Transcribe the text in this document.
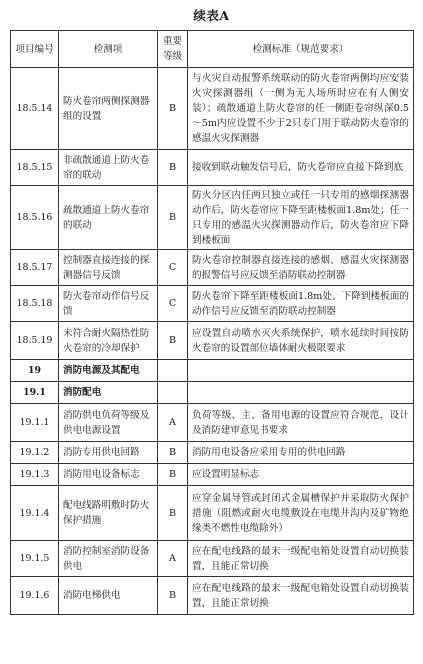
续表A
项目编号	检测项	重要等级	检测标准（规范要求）
18.5.14	防火卷帘两侧探测器组的设置	B	与火灾自动报警系统联动的防火卷帘两侧均应安装火灾探测器组（一侧为无人场所时应在有人侧安装）；疏散通道上防火卷帘的任一侧距卷帘纵深0.5～5m内应设置不少于2只专门用于联动防火卷帘的感温火灾探测器
18.5.15	非疏散通道上防火卷帘的联动	B	接收到联动触发信号后，防火卷帘应直接下降到底
18.5.16	疏散通道上防火卷帘的联动	B	防火分区内任两只独立或任一只专用的感烟探测器动作后，防火卷帘应下降至距楼板面1.8m处；任一只专用的感温火灾探测器动作后，防火卷帘应下降到楼板面
18.5.17	控制器直接连接的探测器信号反馈	C	防火卷帘控制器直接连接的感烟、感温火灾探测器的报警信号应反馈至消防联动控制器
18.5.18	防火卷帘动作信号反馈	C	防火卷帘下降至距楼板面1.8m处、下降到楼板面的动作信号应反馈至消防联动控制器
18.5.19	未符合耐火隔热性防火卷帘的冷却保护	B	应设置自动喷水灭火系统保护，喷水延续时间按防火卷帘的设置部位墙体耐火极限要求
19	消防电源及其配电		
19.1	消防配电		
19.1.1	消防供电负荷等级及供电电源设置	A	负荷等级、主、备用电源的设置应符合规范，设计及消防建审意见书要求
19.1.2	消防专用供电回路	B	消防用电设备应采用专用的供电回路
19.1.3	消防用电设备标志	B	应设置明显标志
19.1.4	配电线路明敷时防火保护措施	B	应穿金属导管或封闭式金属槽保护并采取防火保护措施（阻燃或耐火电缆敷设在电缆井沟内及矿物绝缘类不燃性电缆除外）
19.1.5	消防控制室消防设备供电	A	应在配电线路的最末一级配电箱处设置自动切换装置，且能正常切换
19.1.6	消防电梯供电	B	应在配电线路的最末一级配电箱处设置自动切换装置，且能正常切换
